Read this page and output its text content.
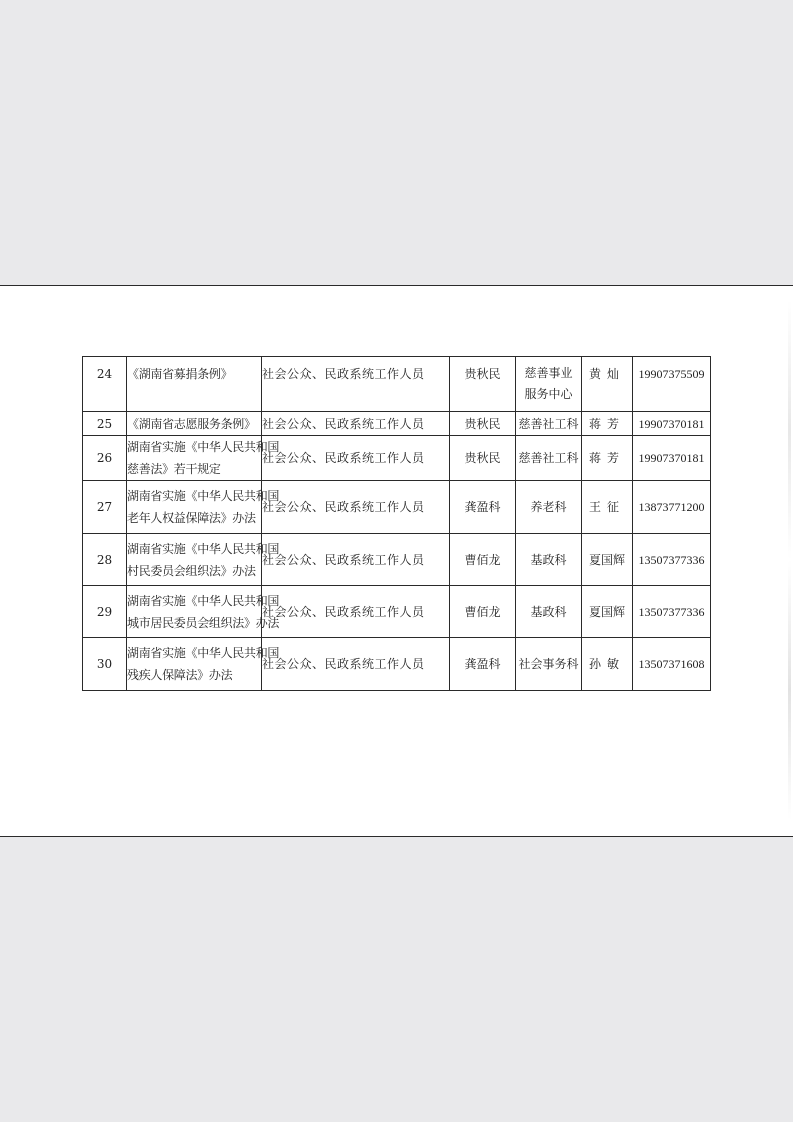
24	《湖南省募捐条例》	社会公众、民政系统工作人员	贵秋民	慈善事业
服务中心	黄灿	19907375509
25	《湖南省志愿服务条例》	社会公众、民政系统工作人员	贵秋民	慈善社工科	蒋芳	19907370181
26	湖南省实施《中华人民共和国
慈善法》若干规定	社会公众、民政系统工作人员	贵秋民	慈善社工科	蒋芳	19907370181
27	湖南省实施《中华人民共和国
老年人权益保障法》办法	社会公众、民政系统工作人员	龚盈科	养老科	王征	13873771200
28	湖南省实施《中华人民共和国
村民委员会组织法》办法	社会公众、民政系统工作人员	曹佰龙	基政科	夏国辉	13507377336
29	湖南省实施《中华人民共和国
城市居民委员会组织法》办法	社会公众、民政系统工作人员	曹佰龙	基政科	夏国辉	13507377336
30	湖南省实施《中华人民共和国
残疾人保障法》办法	社会公众、民政系统工作人员	龚盈科	社会事务科	孙敏	13507371608
